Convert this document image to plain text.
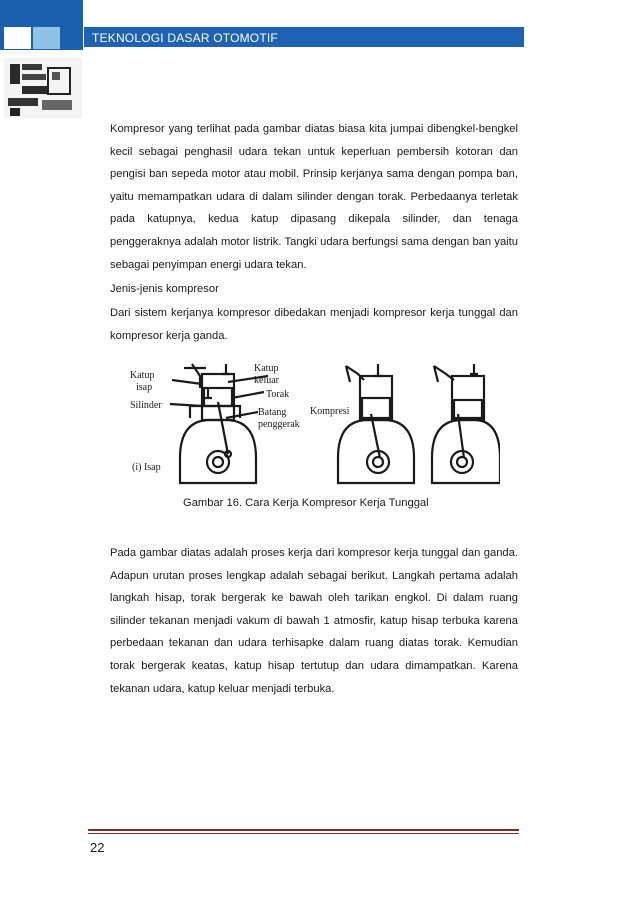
TEKNOLOGI DASAR OTOMOTIF

Kompresor yang terlihat pada gambar diatas biasa kita jumpai dibengkel-bengkel kecil sebagai penghasil udara tekan untuk keperluan pembersih kotoran dan pengisi ban sepeda motor atau mobil. Prinsip kerjanya sama dengan pompa ban, yaitu memampatkan udara di dalam silinder dengan torak. Perbedaanya terletak pada katupnya, kedua katup dipasang dikepala silinder, dan tenaga penggeraknya adalah motor listrik. Tangki udara berfungsi sama dengan ban yaitu sebagai penyimpan energi udara tekan.

Jenis-jenis kompresor

Dari sistem kerjanya kompresor dibedakan menjadi kompresor kerja tunggal dan kompresor kerja ganda.

Katup
isap
Silinder
Katup
keluar
Torak
Batang
penggerak
(i) Isap
Kompresi
Gambar 16. Cara Kerja Kompresor Kerja Tunggal

Pada gambar diatas adalah proses kerja dari kompresor kerja tunggal dan ganda. Adapun urutan proses lengkap adalah sebagai berikut. Langkah pertama adalah langkah hisap, torak bergerak ke bawah oleh tarikan engkol. Di dalam ruang silinder tekanan menjadi vakum di bawah 1 atmosfir, katup hisap terbuka karena perbedaan tekanan dan udara terhisapke dalam ruang diatas torak. Kemudian torak bergerak keatas, katup hisap tertutup dan udara dimampatkan. Karena tekanan udara, katup keluar menjadi terbuka.

22
